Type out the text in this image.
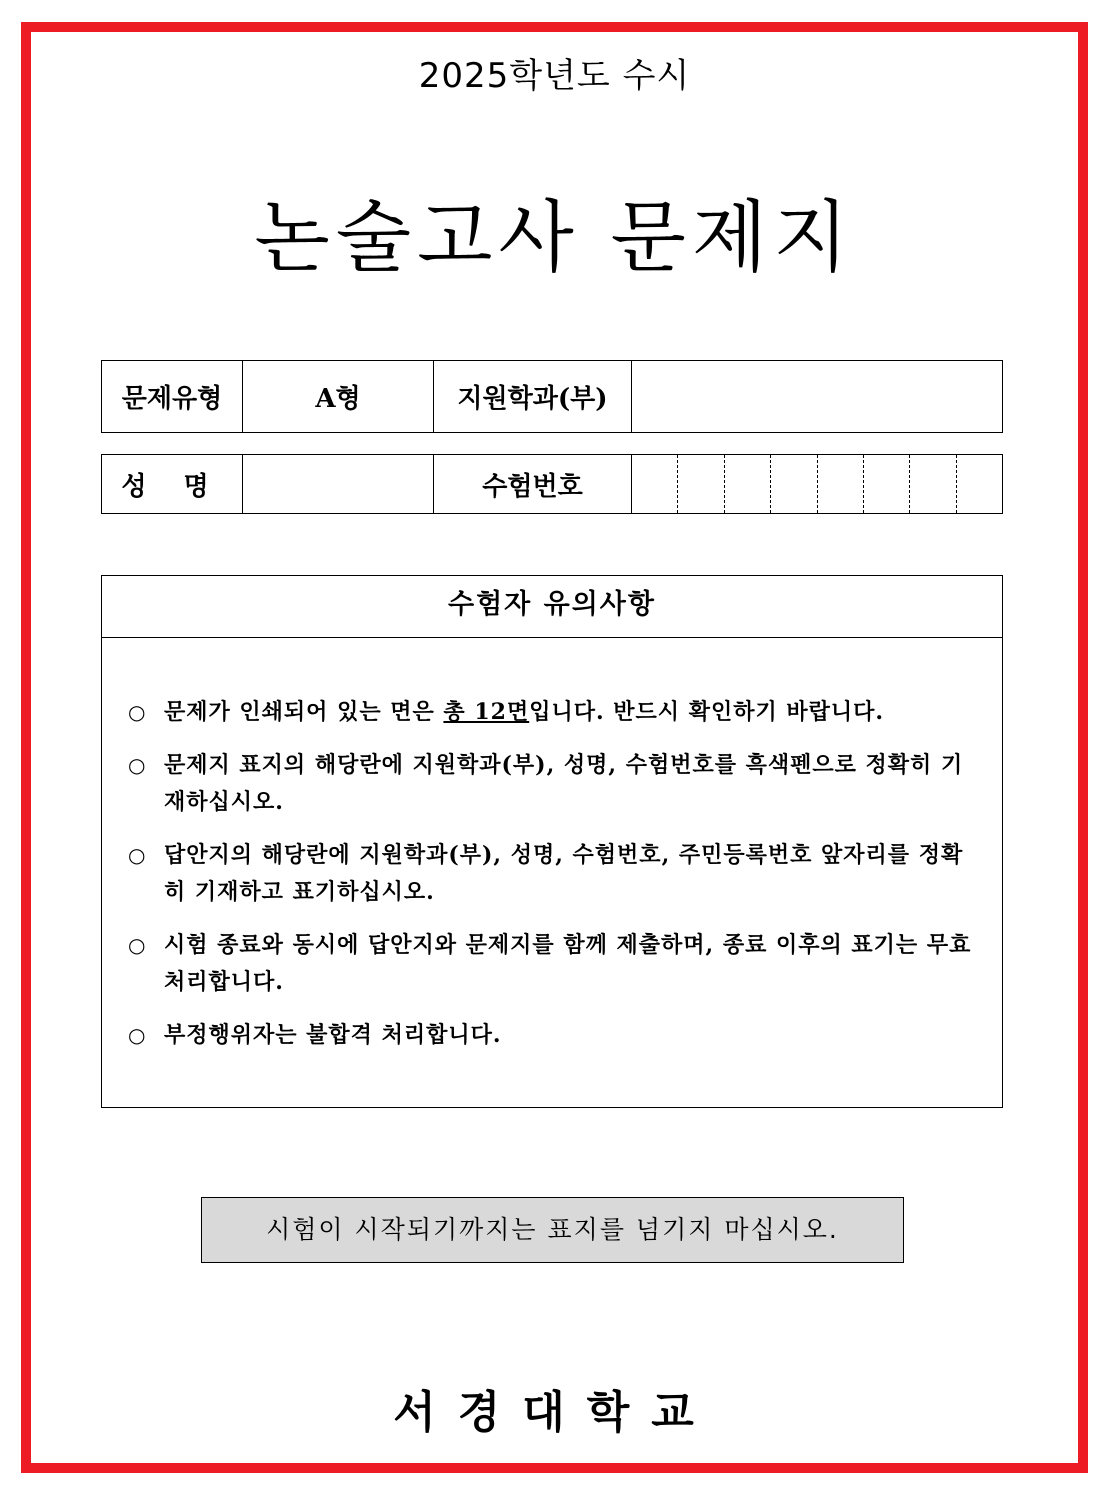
2025학년도 수시
논술고사 문제지
문제유형	A형	지원학과(부)	
성 명		수험번호	
수험자 유의사항
○ 문제가 인쇄되어 있는 면은 총 12면입니다. 반드시 확인하기 바랍니다.
○ 문제지 표지의 해당란에 지원학과(부), 성명, 수험번호를 흑색펜으로 정확히 기재하십시오.
○ 답안지의 해당란에 지원학과(부), 성명, 수험번호, 주민등록번호 앞자리를 정확히 기재하고 표기하십시오.
○ 시험 종료와 동시에 답안지와 문제지를 함께 제출하며, 종료 이후의 표기는 무효 처리합니다.
○ 부정행위자는 불합격 처리합니다.
시험이 시작되기까지는 표지를 넘기지 마십시오.
서경대학교
